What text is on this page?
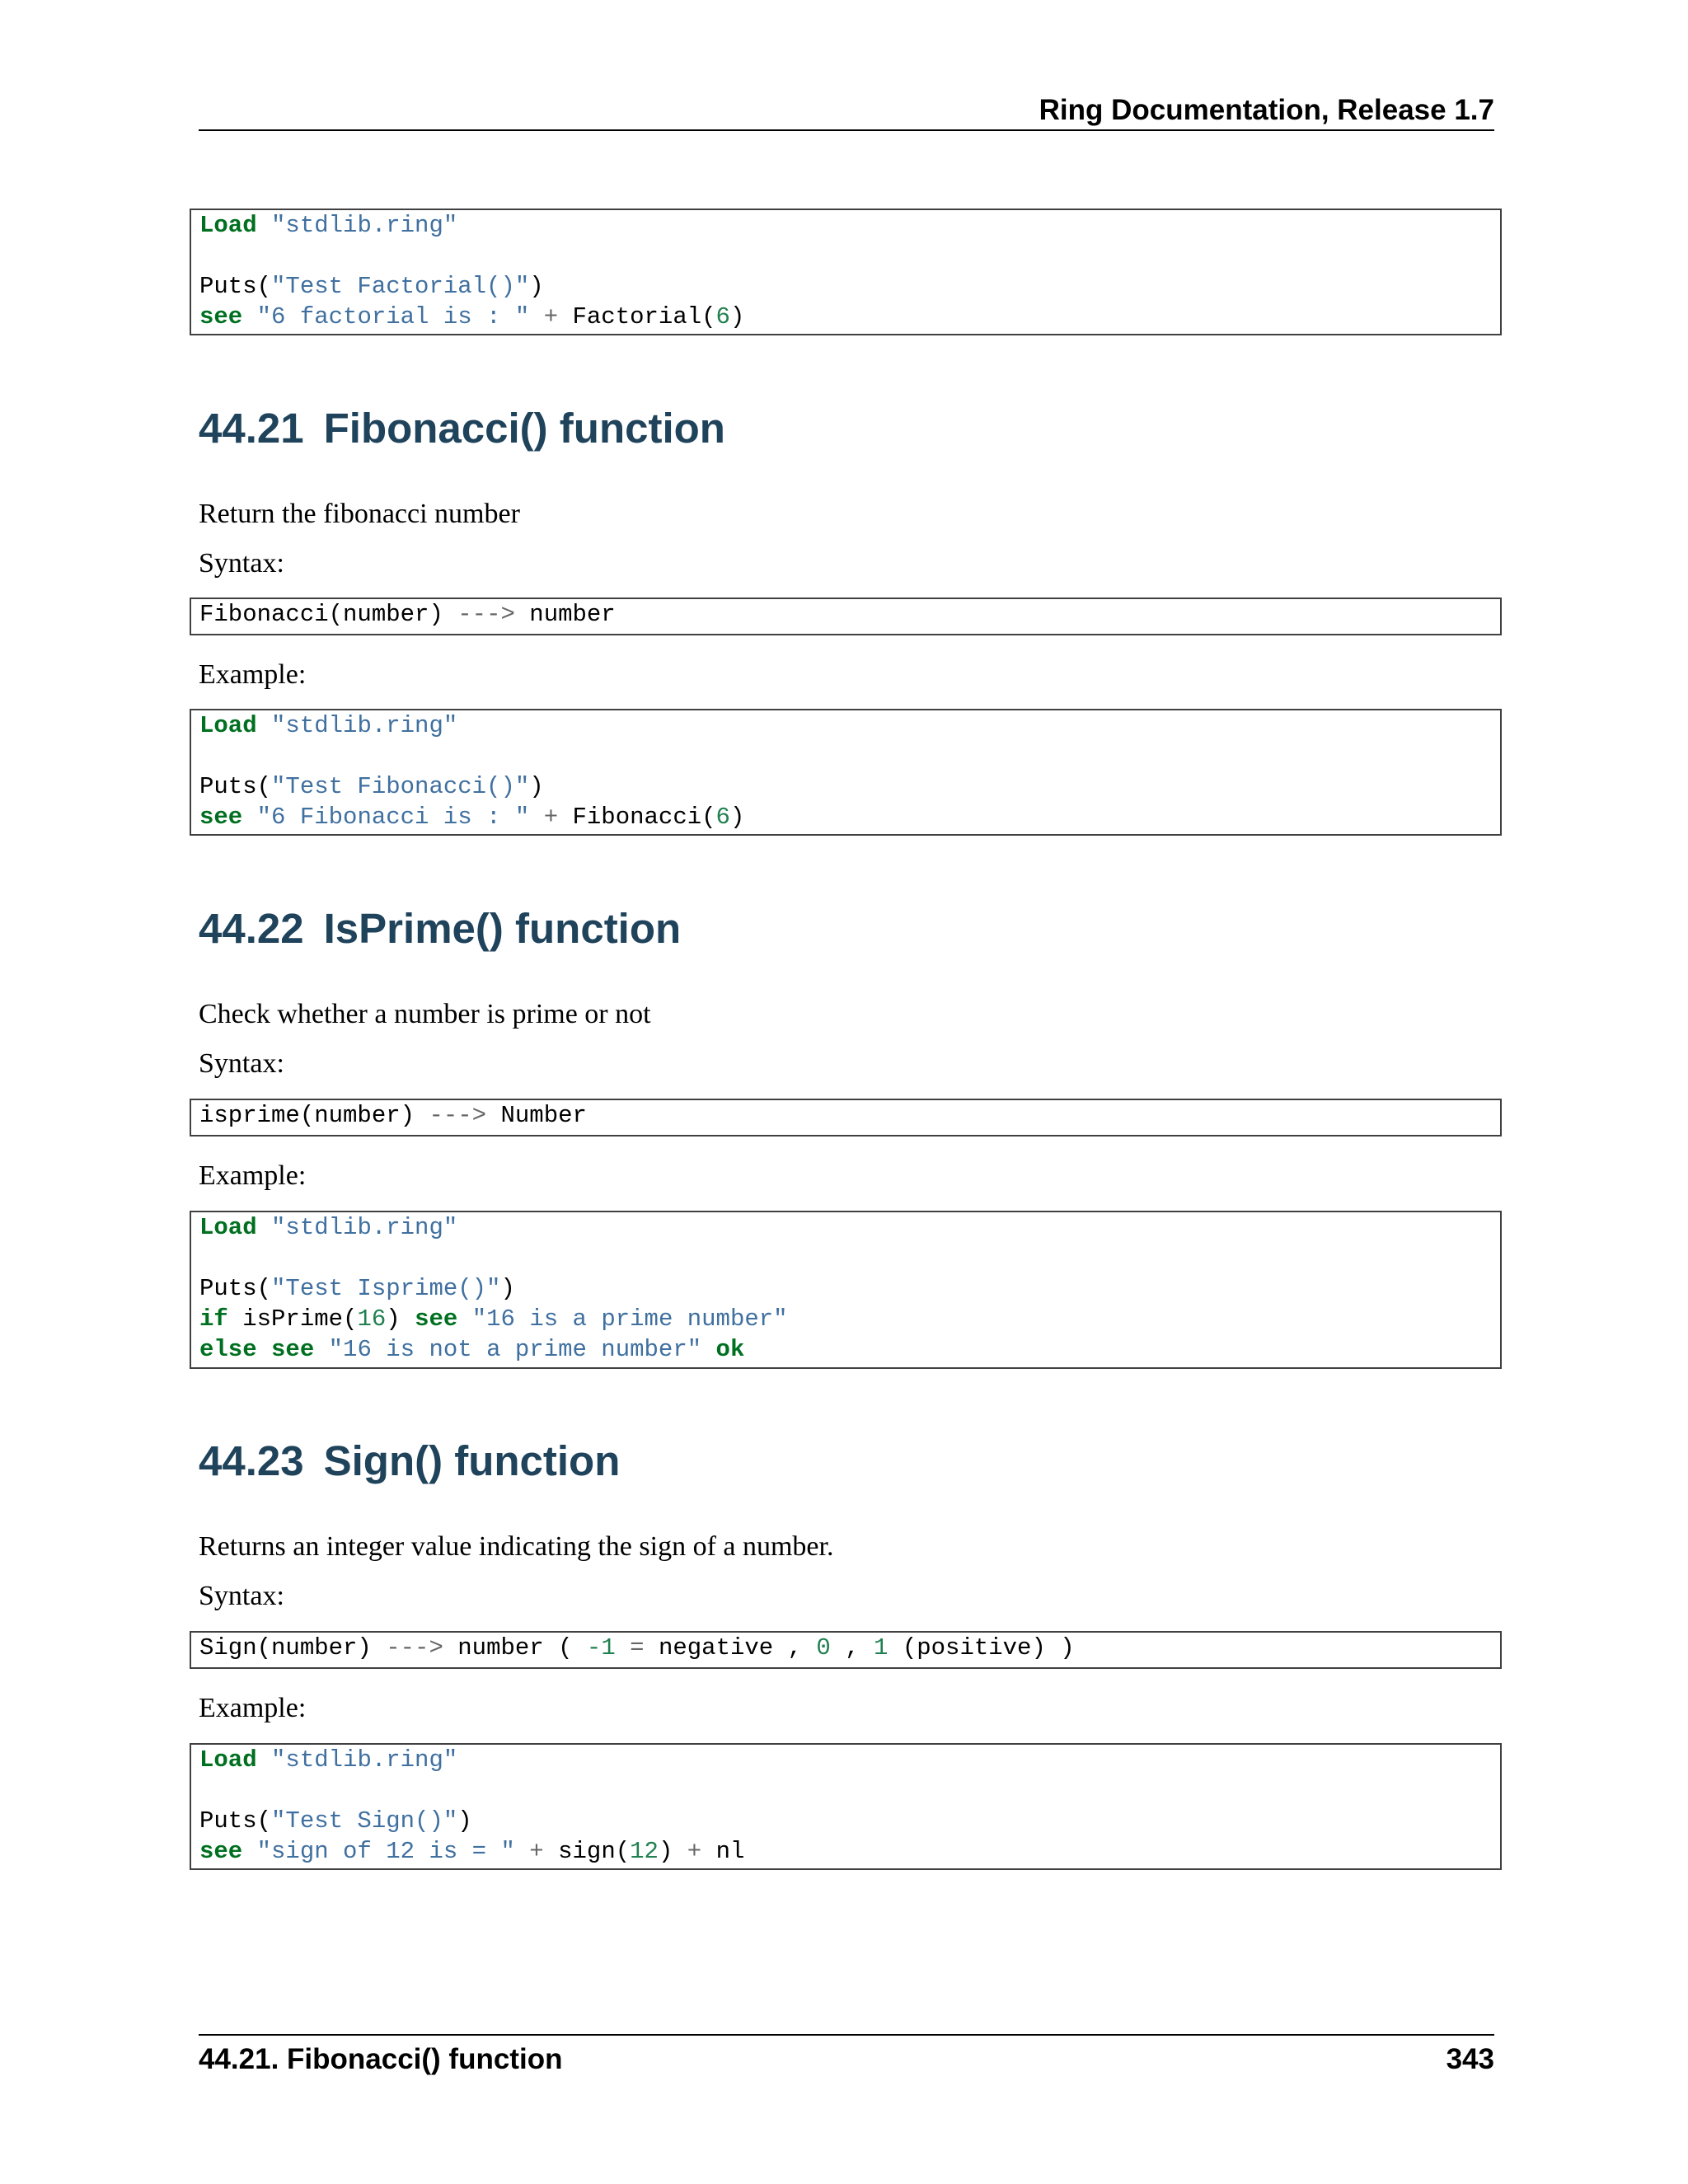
Ring Documentation, Release 1.7
Load "stdlib.ring"
Puts("Test Factorial()")
see "6 factorial is : " + Factorial(6)
44.21 Fibonacci() function

Return the fibonacci number

Syntax:

Fibonacci(number) ---> number

Example:

Load "stdlib.ring"
Puts("Test Fibonacci()")
see "6 Fibonacci is : " + Fibonacci(6)
44.22 IsPrime() function

Check whether a number is prime or not

Syntax:

isprime(number) ---> Number

Example:

Load "stdlib.ring"
Puts("Test Isprime()")
if isPrime(16) see "16 is a prime number"
else see "16 is not a prime number" ok
44.23 Sign() function

Returns an integer value indicating the sign of a number.

Syntax:

Sign(number) ---> number ( -1 = negative , 0 , 1 (positive) )

Example:

Load "stdlib.ring"
Puts("Test Sign()")
see "sign of 12 is = " + sign(12) + nl
44.21. Fibonacci() function	343
